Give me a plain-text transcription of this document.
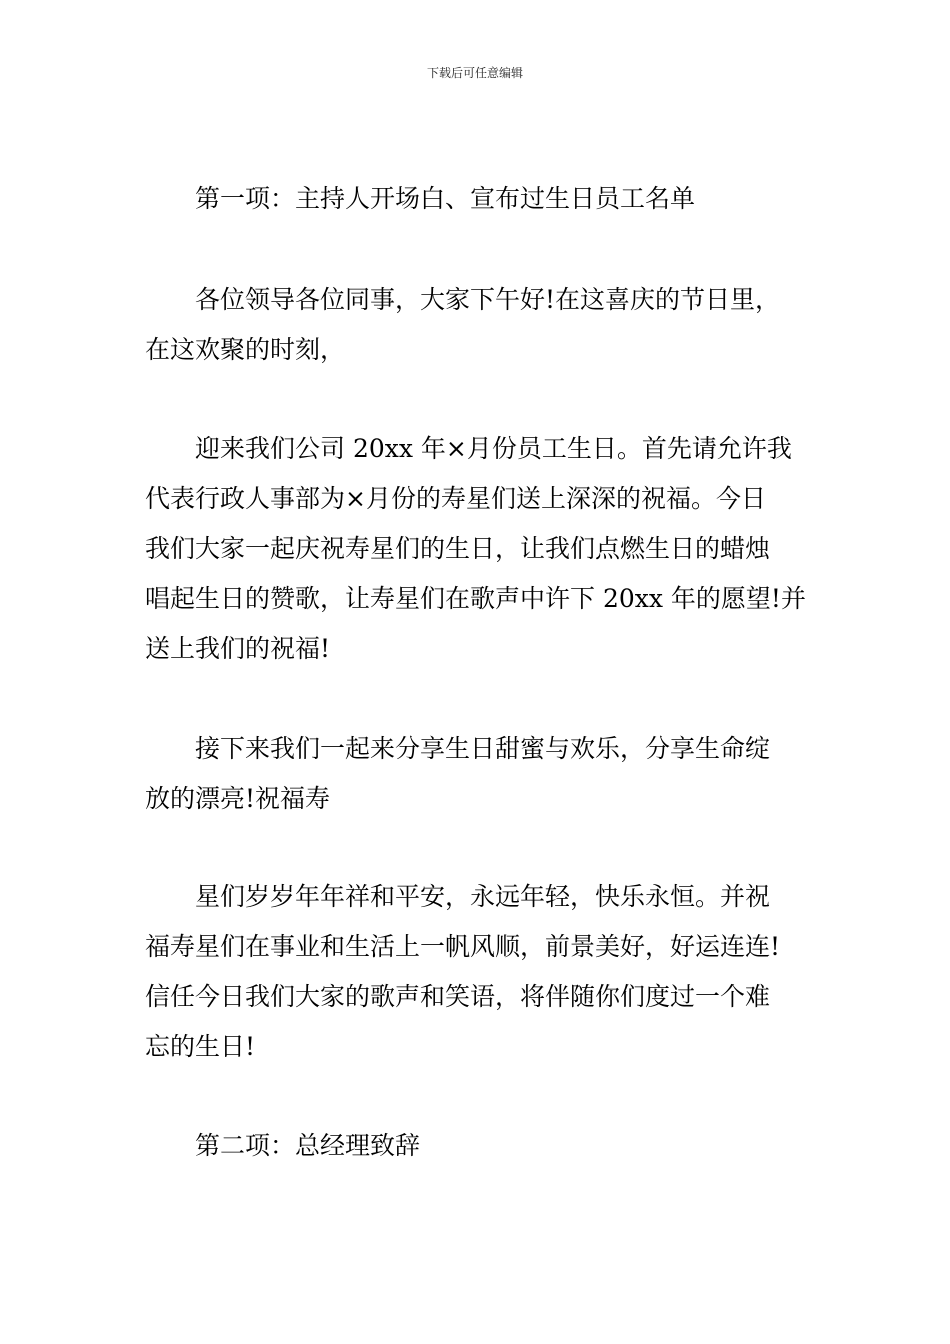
下载后可任意编辑
第一项：主持人开场白、宣布过生日员工名单
各位领导各位同事，大家下午好!在这喜庆的节日里，
在这欢聚的时刻，
迎来我们公司 20xx 年×月份员工生日。首先请允许我
代表行政人事部为×月份的寿星们送上深深的祝福。今日
我们大家一起庆祝寿星们的生日，让我们点燃生日的蜡烛
唱起生日的赞歌，让寿星们在歌声中许下 20xx 年的愿望!并
送上我们的祝福!
接下来我们一起来分享生日甜蜜与欢乐，分享生命绽
放的漂亮!祝福寿
星们岁岁年年祥和平安，永远年轻，快乐永恒。并祝
福寿星们在事业和生活上一帆风顺，前景美好，好运连连!
信任今日我们大家的歌声和笑语，将伴随你们度过一个难
忘的生日!
第二项：总经理致辞
